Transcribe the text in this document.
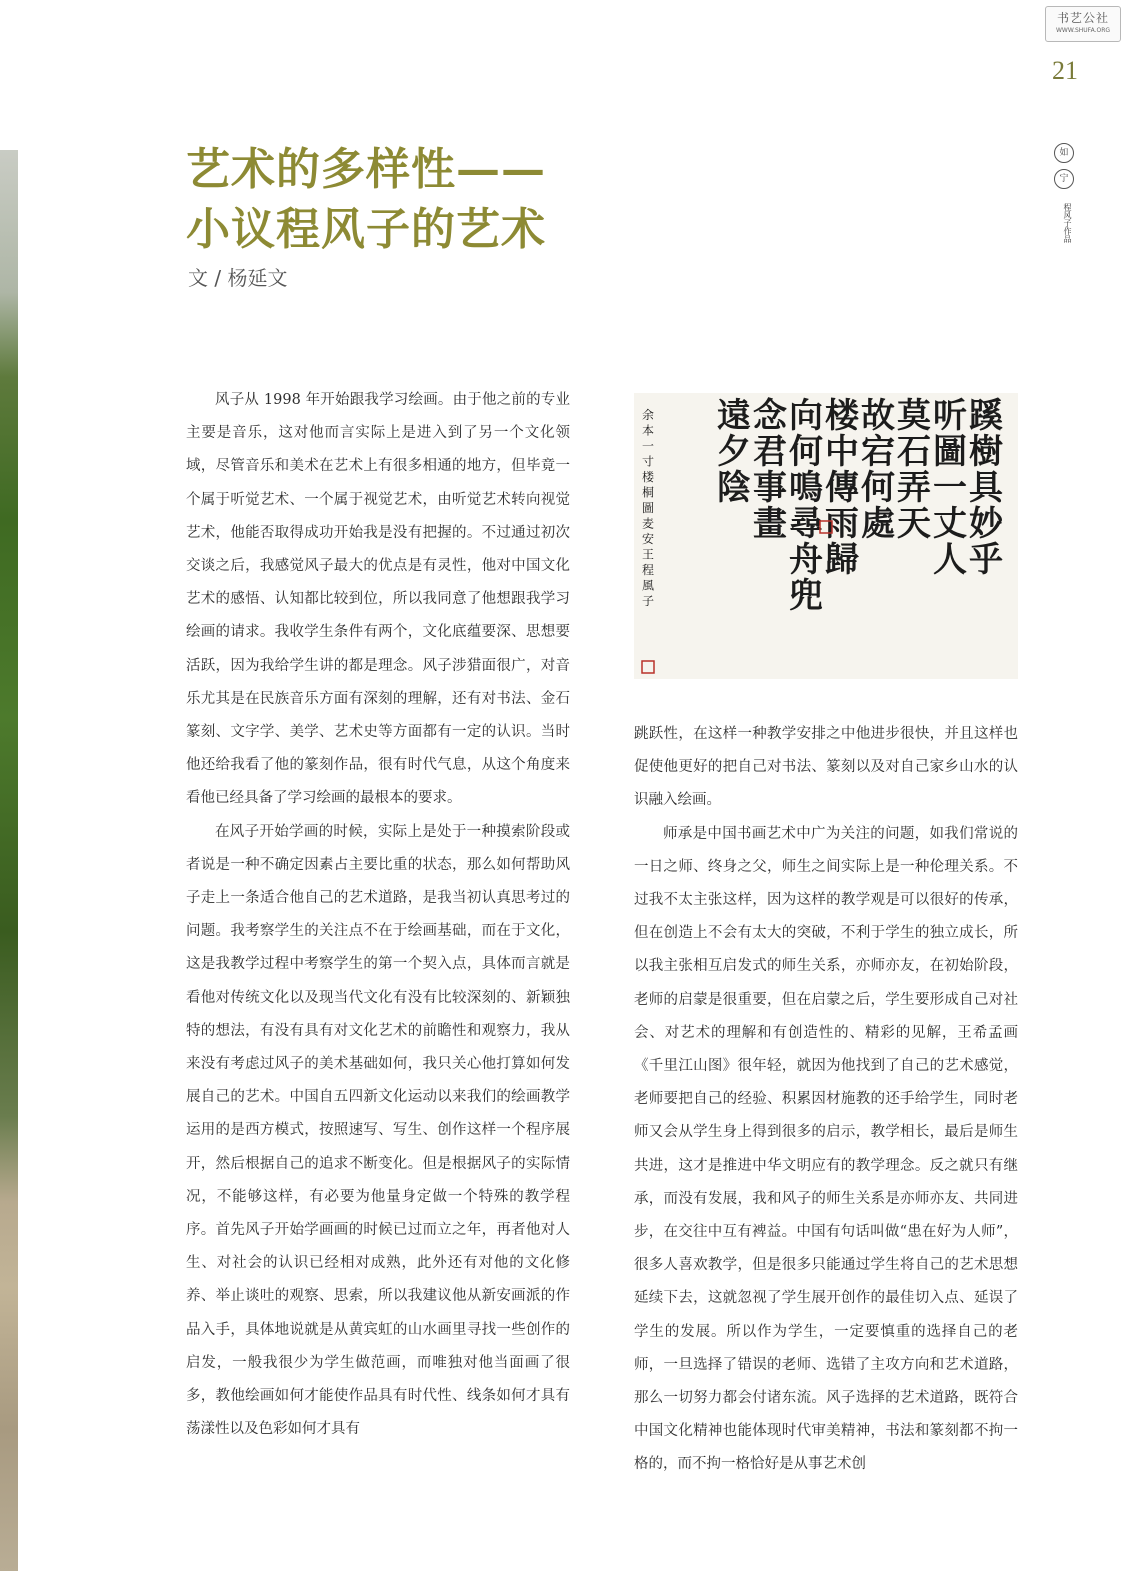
书艺公社
WWW.SHUFA.ORG
21
如
宁
程风子作品
艺术的多样性——
小议程风子的艺术
文 / 杨延文

风子从 1998 年开始跟我学习绘画。由于他之前的专业主要是音乐，这对他而言实际上是进入到了另一个文化领域，尽管音乐和美术在艺术上有很多相通的地方，但毕竟一个属于听觉艺术、一个属于视觉艺术，由听觉艺术转向视觉艺术，他能否取得成功开始我是没有把握的。不过通过初次交谈之后，我感觉风子最大的优点是有灵性，他对中国文化艺术的感悟、认知都比较到位，所以我同意了他想跟我学习绘画的请求。我收学生条件有两个，文化底蕴要深、思想要活跃，因为我给学生讲的都是理念。风子涉猎面很广，对音乐尤其是在民族音乐方面有深刻的理解，还有对书法、金石篆刻、文字学、美学、艺术史等方面都有一定的认识。当时他还给我看了他的篆刻作品，很有时代气息，从这个角度来看他已经具备了学习绘画的最根本的要求。

在风子开始学画的时候，实际上是处于一种摸索阶段或者说是一种不确定因素占主要比重的状态，那么如何帮助风子走上一条适合他自己的艺术道路，是我当初认真思考过的问题。我考察学生的关注点不在于绘画基础，而在于文化，这是我教学过程中考察学生的第一个契入点，具体而言就是看他对传统文化以及现当代文化有没有比较深刻的、新颖独特的想法，有没有具有对文化艺术的前瞻性和观察力，我从来没有考虑过风子的美术基础如何，我只关心他打算如何发展自己的艺术。中国自五四新文化运动以来我们的绘画教学运用的是西方模式，按照速写、写生、创作这样一个程序展开，然后根据自己的追求不断变化。但是根据风子的实际情况，不能够这样，有必要为他量身定做一个特殊的教学程序。首先风子开始学画画的时候已过而立之年，再者他对人生、对社会的认识已经相对成熟，此外还有对他的文化修养、举止谈吐的观察、思索，所以我建议他从新安画派的作品入手，具体地说就是从黄宾虹的山水画里寻找一些创作的启发，一般我很少为学生做范画，而唯独对他当面画了很多，教他绘画如何才能使作品具有时代性、线条如何才具有荡漾性以及色彩如何才具有

蹊
樹
具
妙
乎
听
圖
一
丈
人
莫
石
弄
天
故
宕
何
處
楼
中
傳
雨
歸
向
何
鳴
尋
舟
兜
念
君
事
畫
遠
夕
陰
余
本
一
寸
楼
桐
圖
麦
安
王
程
風
子

跳跃性，在这样一种教学安排之中他进步很快，并且这样也促使他更好的把自己对书法、篆刻以及对自己家乡山水的认识融入绘画。

师承是中国书画艺术中广为关注的问题，如我们常说的一日之师、终身之父，师生之间实际上是一种伦理关系。不过我不太主张这样，因为这样的教学观是可以很好的传承，但在创造上不会有太大的突破，不利于学生的独立成长，所以我主张相互启发式的师生关系，亦师亦友，在初始阶段，老师的启蒙是很重要，但在启蒙之后，学生要形成自己对社会、对艺术的理解和有创造性的、精彩的见解，王希孟画《千里江山图》很年轻，就因为他找到了自己的艺术感觉，老师要把自己的经验、积累因材施教的还手给学生，同时老师又会从学生身上得到很多的启示，教学相长，最后是师生共进，这才是推进中华文明应有的教学理念。反之就只有继承，而没有发展，我和风子的师生关系是亦师亦友、共同进步，在交往中互有裨益。中国有句话叫做“患在好为人师”，很多人喜欢教学，但是很多只能通过学生将自己的艺术思想延续下去，这就忽视了学生展开创作的最佳切入点、延误了学生的发展。所以作为学生，一定要慎重的选择自己的老师，一旦选择了错误的老师、选错了主攻方向和艺术道路，那么一切努力都会付诸东流。风子选择的艺术道路，既符合中国文化精神也能体现时代审美精神，书法和篆刻都不拘一格的，而不拘一格恰好是从事艺术创
